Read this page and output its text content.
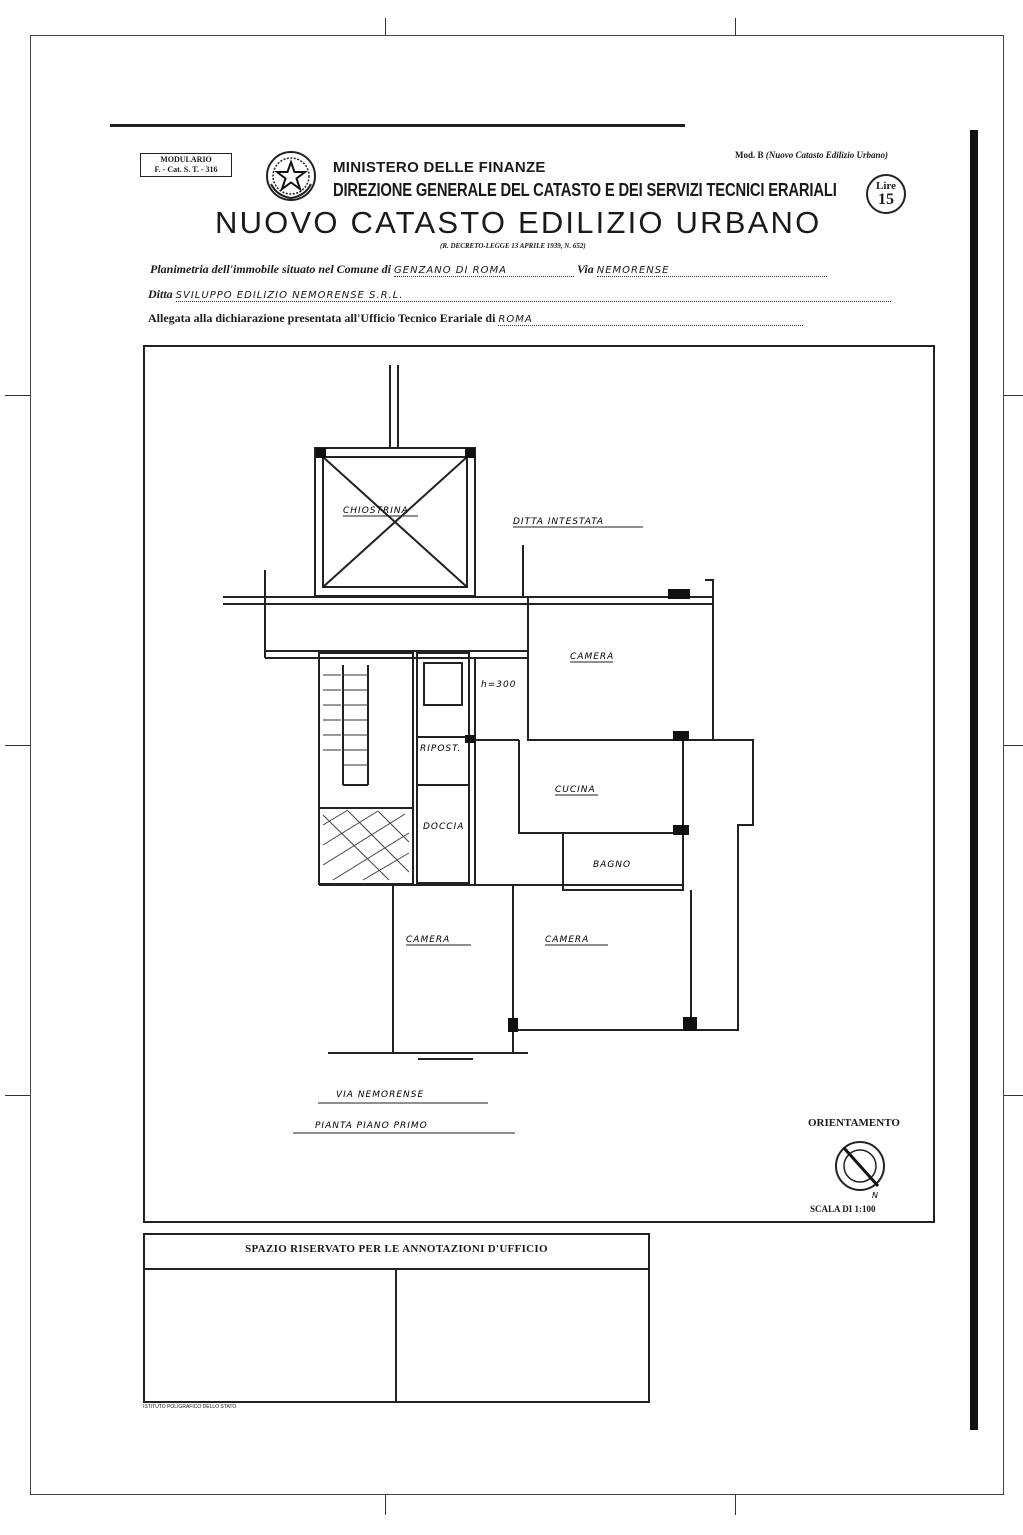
MODULARIO
F. - Cat. S. T. - 316
Mod. B (Nuovo Catasto Edilizio Urbano)
MINISTERO DELLE FINANZE
DIREZIONE GENERALE DEL CATASTO E DEI SERVIZI TECNICI ERARIALI	Lire
15
NUOVO CATASTO EDILIZIO URBANO
(R. DECRETO-LEGGE 13 APRILE 1939, N. 652)
Planimetria dell'immobile situato nel Comune di GENZANO DI ROMA	Via NEMORENSE
Ditta SVILUPPO EDILIZIO NEMORENSE S.R.L.
Allegata alla dichiarazione presentata all'Ufficio Tecnico Erariale di ROMA
CHIOSTRINA
DITTA INTESTATA
CAMERA
h=300
RIPOST.
CUCINA
DOCCIA
BAGNO
CAMERA	CAMERA
VIA NEMORENSE
PIANTA PIANO PRIMO	ORIENTAMENTO
N
SCALA DI 1:100
SPAZIO RISERVATO PER LE ANNOTAZIONI D'UFFICIO
ISTITUTO POLIGRAFICO DELLO STATO
